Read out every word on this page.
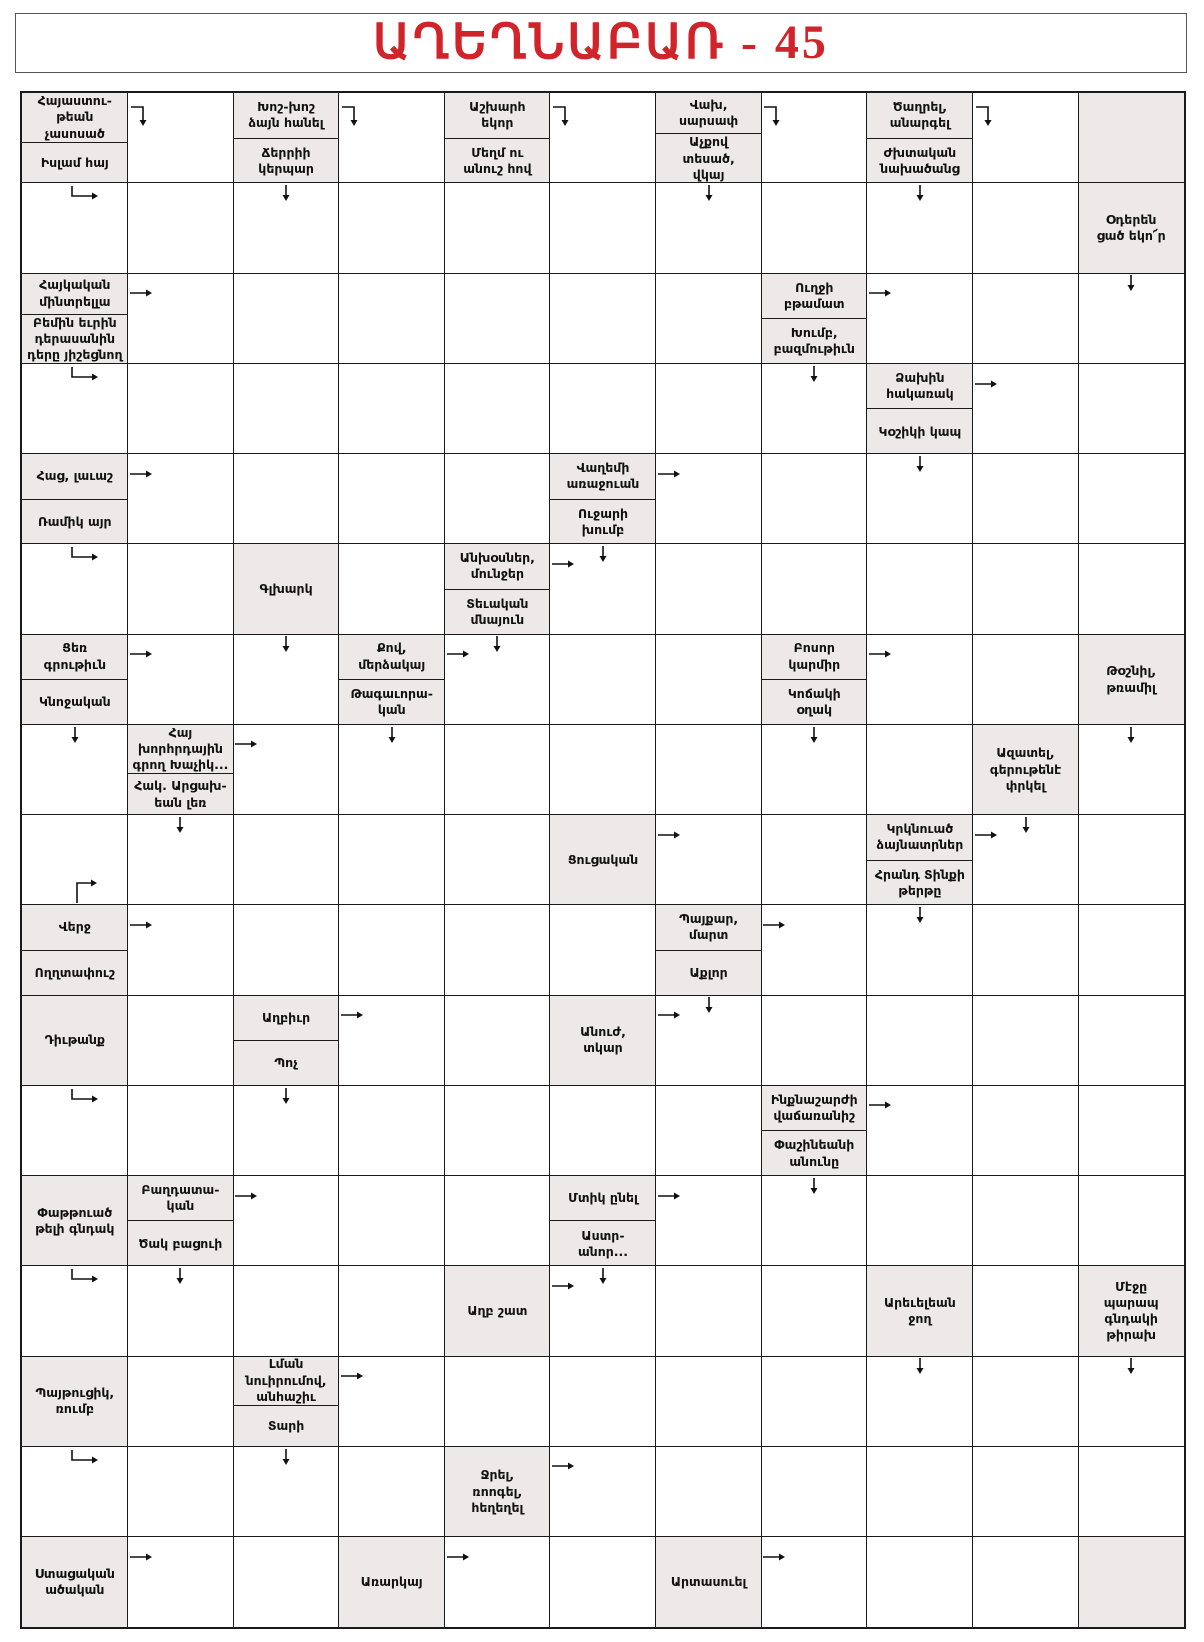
ԱՂԵՂՆԱԲԱՌ - 45
Հայաստու-
թեան
չասոսած
Իսլամ հայ
Խոշ-խոշ
ձայն հանել
Ճերրիի
կերպար
Աշխարհ
եկոր
Մեղմ ու
անուշ հով
Վախ,
սարսափ
Աչքով
տեսած,
վկայ
Ծաղրել,
անարգել
Ժխտական
նախածանց
Օդերեն
ցած եկո՜ր
Հայկական
մինտրելլա
Բեմին եւրին
դերասանին
դերը յիշեցնող
Ուղջի
բթամատ
Խումբ,
բազմութիւն
Ձախին
հակառակ
Կօշիկի կապ
Հաց, լաւաշ
Ռամիկ այր
Վաղեմի
առաջուան
Ուջարի
խումբ
Գլխարկ
Անխօսներ,
մունջեր
Տեւական
մնայուն
Ցեռ
գրութիւն
Կնոջական
Քով,
մերձակայ
Թագաւորա-
կան
Բոսոր
կարմիր
Կոճակի
օղակ
Թօշնիլ,
թռամիլ
Հայ
խորհրդային
գրող Խաչիկ...
Հակ. Արցախ-
եան լեռ
Ազատել,
գերութենէ
փրկել
Ցուցական
Կրկնուած
ձայնատրներ
Հրանդ Տինքի
թերթը
Վերջ
Ողղտափուշ
Պայքար,
մարտ
Աքլոր
Դիւթանք
Աղբիւր
Պոչ
Անուժ,
տկար
Ինքնաշարժի
վաճառանիշ
Փաշինեանի
անունը
Փաթթուած
թելի գնդակ
Բաղդատա-
կան
Ծակ բացուի
Մտիկ ընել
Աստր-
անոր...
Աղբ շատ
Արեւելեան
ջող
Մէջը
պարապ
գնդակի
թիրախ
Պայթուցիկ,
ռումբ
Լման
նուիրումով,
անհաշիւ
Տարի
Ջրել,
ռոոգել,
հեղեղել
Ստացական
ածական
Առարկայ	Արտասուել
